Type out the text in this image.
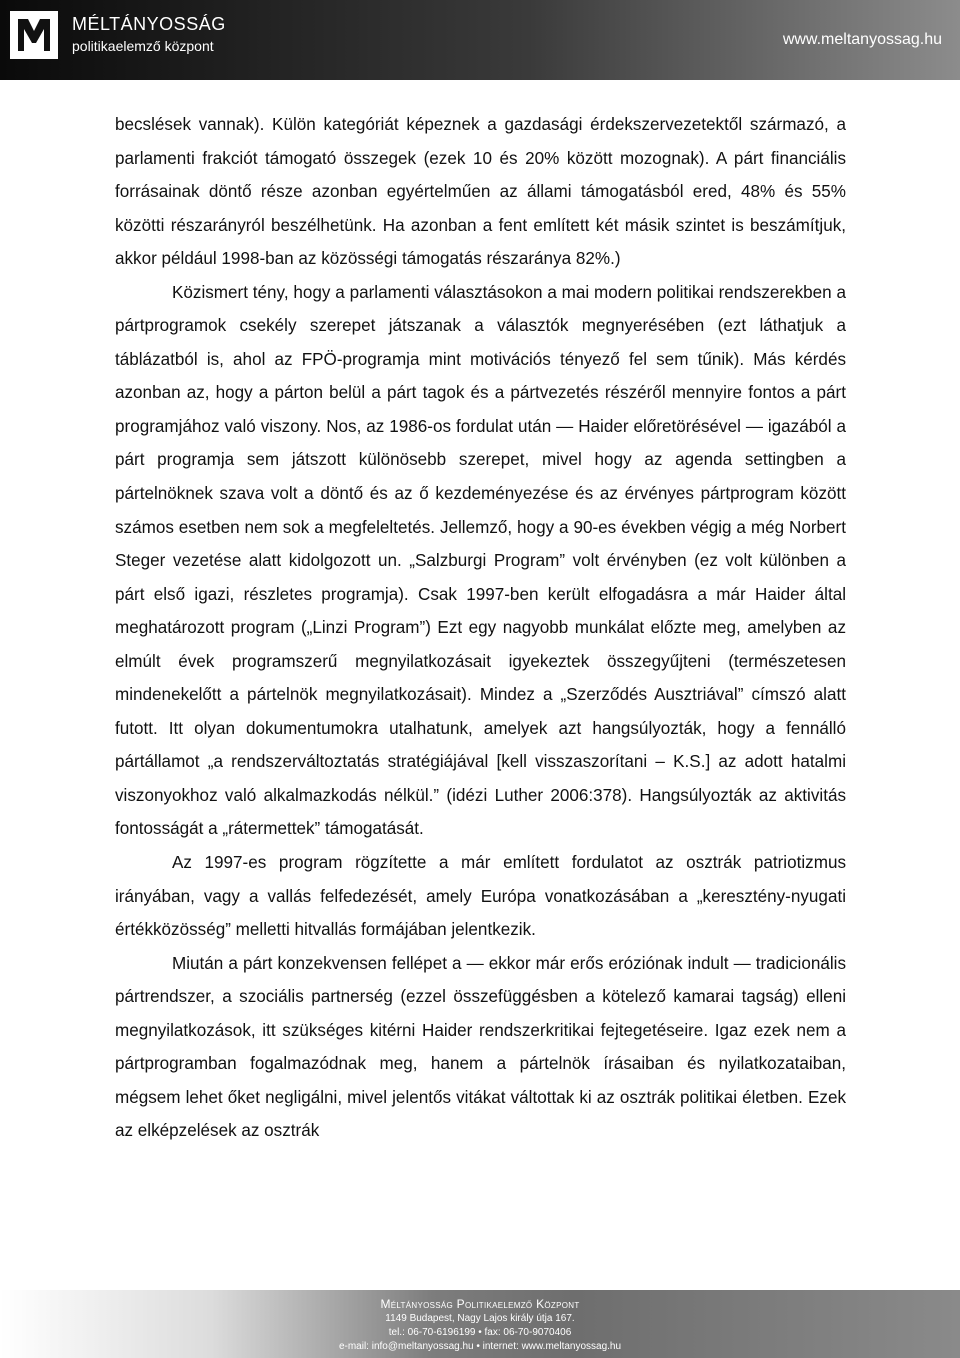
MÉLTÁNYOSSÁG
politikaelemző központ	www.meltanyossag.hu

becslések vannak). Külön kategóriát képeznek a gazdasági érdekszervezetektől származó, a parlamenti frakciót támogató összegek (ezek 10 és 20% között mozognak). A párt financiális forrásainak döntő része azonban egyértelműen az állami támogatásból ered, 48% és 55% közötti részarányról beszélhetünk. Ha azonban a fent említett két másik szintet is beszámítjuk, akkor például 1998-ban az közösségi támogatás részaránya 82%.)

Közismert tény, hogy a parlamenti választásokon a mai modern politikai rendszerekben a pártprogramok csekély szerepet játszanak a választók megnyerésében (ezt láthatjuk a táblázatból is, ahol az FPÖ-programja mint motivációs tényező fel sem tűnik). Más kérdés azonban az, hogy a párton belül a párt tagok és a pártvezetés részéről mennyire fontos a párt programjához való viszony. Nos, az 1986-os fordulat után ― Haider előretörésével ― igazából a párt programja sem játszott különösebb szerepet, mivel hogy az agenda settingben a pártelnöknek szava volt a döntő és az ő kezdeményezése és az érvényes pártprogram között számos esetben nem sok a megfeleltetés. Jellemző, hogy a 90-es években végig a még Norbert Steger vezetése alatt kidolgozott un. „Salzburgi Program” volt érvényben (ez volt különben a párt első igazi, részletes programja). Csak 1997-ben került elfogadásra a már Haider által meghatározott program („Linzi Program”) Ezt egy nagyobb munkálat előzte meg, amelyben az elmúlt évek programszerű megnyilatkozásait igyekeztek összegyűjteni (természetesen mindenekelőtt a pártelnök megnyilatkozásait). Mindez a „Szerződés Ausztriával” címszó alatt futott. Itt olyan dokumentumokra utalhatunk, amelyek azt hangsúlyozták, hogy a fennálló pártállamot „a rendszerváltoztatás stratégiájával [kell visszaszorítani – K.S.] az adott hatalmi viszonyokhoz való alkalmazkodás nélkül.” (idézi Luther 2006:378). Hangsúlyozták az aktivitás fontosságát a „rátermettek” támogatását.

Az 1997-es program rögzítette a már említett fordulatot az osztrák patriotizmus irányában, vagy a vallás felfedezését, amely Európa vonatkozásában a „keresztény-nyugati értékközösség” melletti hitvallás formájában jelentkezik.

Miután a párt konzekvensen fellépet a ― ekkor már erős eróziónak indult ― tradicionális pártrendszer, a szociális partnerség (ezzel összefüggésben a kötelező kamarai tagság) elleni megnyilatkozások, itt szükséges kitérni Haider rendszerkritikai fejtegetéseire. Igaz ezek nem a pártprogramban fogalmazódnak meg, hanem a pártelnök írásaiban és nyilatkozataiban, mégsem lehet őket negligálni, mivel jelentős vitákat váltottak ki az osztrák politikai életben. Ezek az elképzelések az osztrák

Méltányosság Politikaelemző Központ
1149 Budapest, Nagy Lajos király útja 167.
tel.: 06-70-6196199 • fax: 06-70-9070406
e-mail: info@meltanyossag.hu • internet: www.meltanyossag.hu
